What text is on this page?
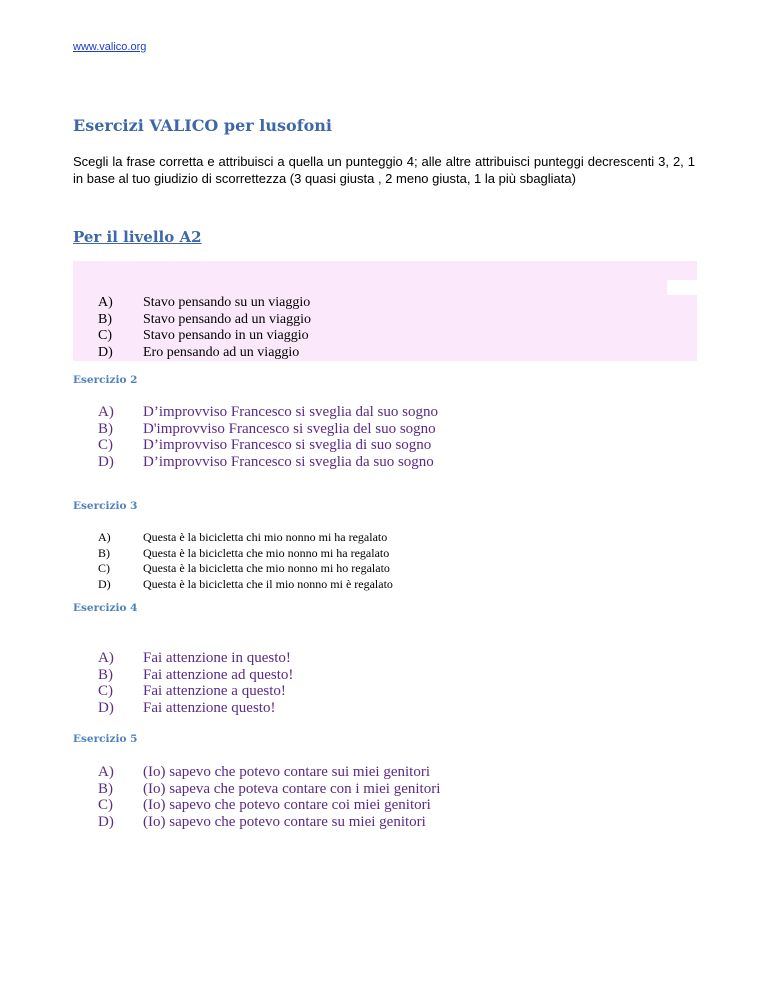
www.valico.org
Esercizi VALICO per lusofoni

Scegli la frase corretta e attribuisci a quella un punteggio 4; alle altre attribuisci punteggi decrescenti 3, 2, 1 in base al tuo giudizio di scorrettezza (3 quasi giusta , 2 meno giusta, 1 la più sbagliata)

Per il livello A2
A) Stavo pensando su un viaggio
B) Stavo pensando ad un viaggio
C) Stavo pensando in un viaggio
D) Ero pensando ad un viaggio
Esercizio 2
A) D’improvviso Francesco si sveglia dal suo sogno
B) D'improvviso Francesco si sveglia del suo sogno
C) D’improvviso Francesco si sveglia di suo sogno
D) D’improvviso Francesco si sveglia da suo sogno
Esercizio 3
A)	Questa è la bicicletta chi mio nonno mi ha regalato
B)	Questa è la bicicletta che mio nonno mi ha regalato
C)	Questa è la bicicletta che mio nonno mi ho regalato
D)	Questa è la bicicletta che il mio nonno mi è regalato
Esercizio 4
A) Fai attenzione in questo!
B) Fai attenzione ad questo!
C) Fai attenzione a questo!
D) Fai attenzione questo!
Esercizio 5
A) (Io) sapevo che potevo contare sui miei genitori
B) (Io) sapeva che poteva contare con i miei genitori
C) (Io) sapevo che potevo contare coi miei genitori
D) (Io) sapevo che potevo contare su miei genitori
